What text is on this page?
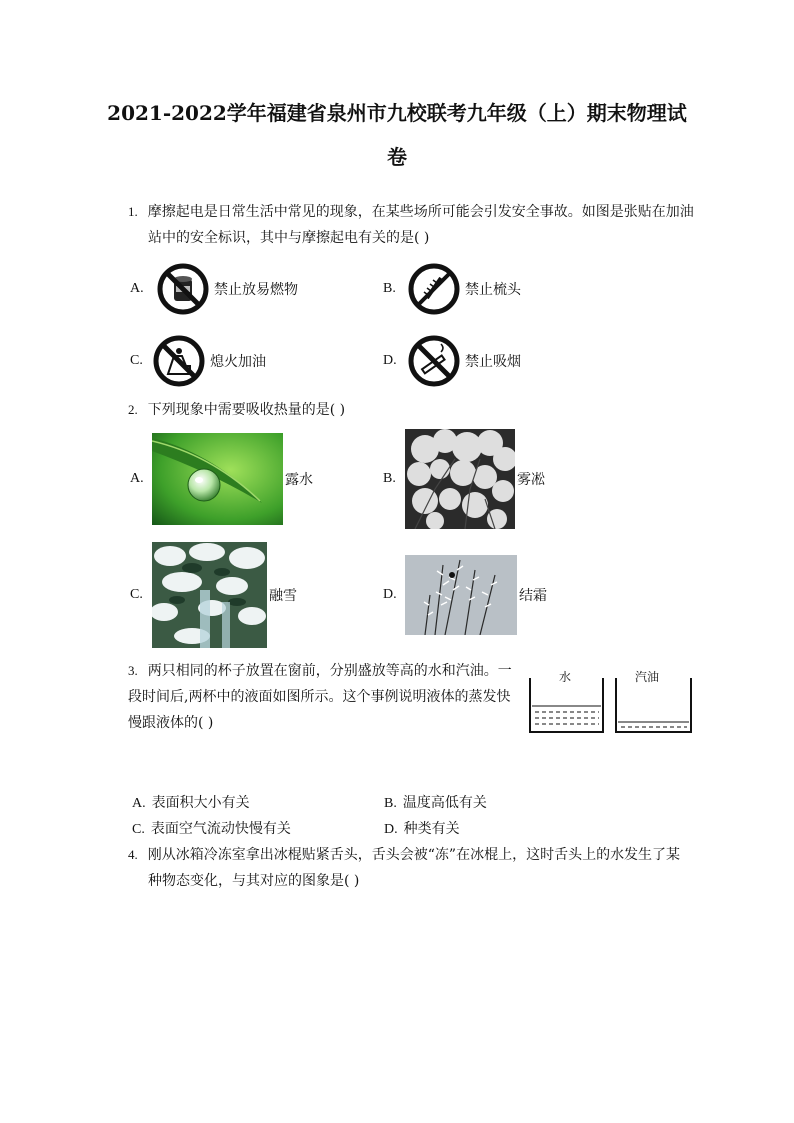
2021-2022学年福建省泉州市九校联考九年级（上）期末物理试
卷
1. 摩擦起电是日常生活中常见的现象，在某些场所可能会引发安全事故。如图是张贴在加油
站中的安全标识，其中与摩擦起电有关的是( )
A.	禁止放易燃物	B.	禁止梳头
C.	熄火加油	D.	禁止吸烟
2. 下列现象中需要吸收热量的是( )
A.	露水	B.	雾凇
C.	融雪	D.	结霜
3. 两只相同的杯子放置在窗前，分别盛放等高的水和汽油。一
段时间后,两杯中的液面如图所示。这个事例说明液体的蒸发快
慢跟液体的( )
水	汽油
A. 表面积大小有关	B. 温度高低有关
C. 表面空气流动快慢有关	D. 种类有关
4. 刚从冰箱冷冻室拿出冰棍贴紧舌头，舌头会被“冻”在冰棍上，这时舌头上的水发生了某
种物态变化，与其对应的图象是( )
